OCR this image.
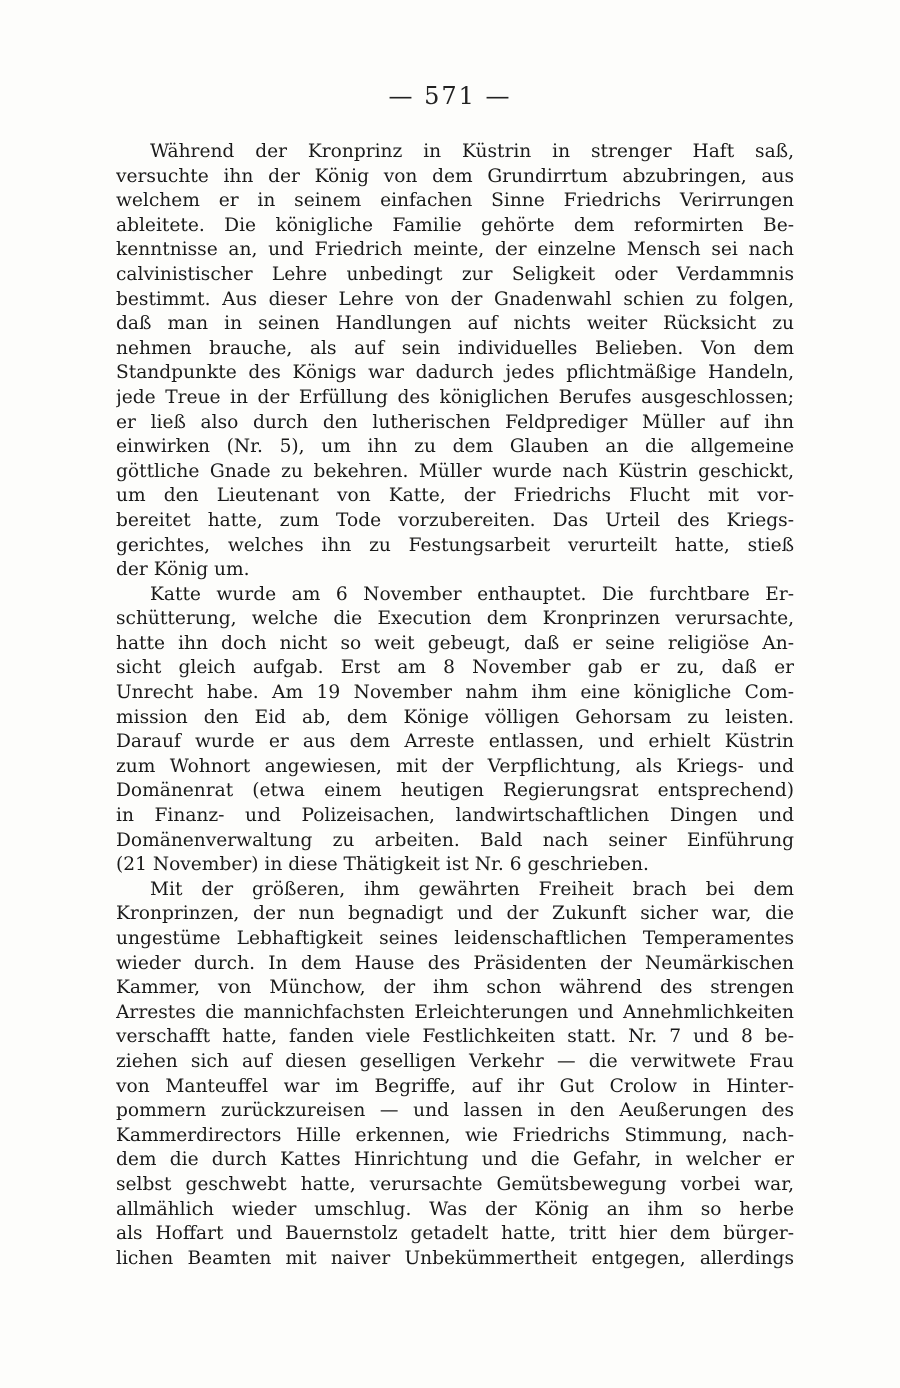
— 571 —
Während der Kronprinz in Küstrin in strenger Haft saß,
versuchte ihn der König von dem Grundirrtum abzubringen, aus
welchem er in seinem einfachen Sinne Friedrichs Verirrungen
ableitete. Die königliche Familie gehörte dem reformirten Be-
kenntnisse an, und Friedrich meinte, der einzelne Mensch sei nach
calvinistischer Lehre unbedingt zur Seligkeit oder Verdammnis
bestimmt. Aus dieser Lehre von der Gnadenwahl schien zu folgen,
daß man in seinen Handlungen auf nichts weiter Rücksicht zu
nehmen brauche, als auf sein individuelles Belieben. Von dem
Standpunkte des Königs war dadurch jedes pflichtmäßige Handeln,
jede Treue in der Erfüllung des königlichen Berufes ausgeschlossen;
er ließ also durch den lutherischen Feldprediger Müller auf ihn
einwirken (Nr. 5), um ihn zu dem Glauben an die allgemeine
göttliche Gnade zu bekehren. Müller wurde nach Küstrin geschickt,
um den Lieutenant von Katte, der Friedrichs Flucht mit vor-
bereitet hatte, zum Tode vorzubereiten. Das Urteil des Kriegs-
gerichtes, welches ihn zu Festungsarbeit verurteilt hatte, stieß
der König um.
Katte wurde am 6 November enthauptet. Die furchtbare Er-
schütterung, welche die Execution dem Kronprinzen verursachte,
hatte ihn doch nicht so weit gebeugt, daß er seine religiöse An-
sicht gleich aufgab. Erst am 8 November gab er zu, daß er
Unrecht habe. Am 19 November nahm ihm eine königliche Com-
mission den Eid ab, dem Könige völligen Gehorsam zu leisten.
Darauf wurde er aus dem Arreste entlassen, und erhielt Küstrin
zum Wohnort angewiesen, mit der Verpflichtung, als Kriegs- und
Domänenrat (etwa einem heutigen Regierungsrat entsprechend)
in Finanz- und Polizeisachen, landwirtschaftlichen Dingen und
Domänenverwaltung zu arbeiten. Bald nach seiner Einführung
(21 November) in diese Thätigkeit ist Nr. 6 geschrieben.
Mit der größeren, ihm gewährten Freiheit brach bei dem
Kronprinzen, der nun begnadigt und der Zukunft sicher war, die
ungestüme Lebhaftigkeit seines leidenschaftlichen Temperamentes
wieder durch. In dem Hause des Präsidenten der Neumärkischen
Kammer, von Münchow, der ihm schon während des strengen
Arrestes die mannichfachsten Erleichterungen und Annehmlichkeiten
verschafft hatte, fanden viele Festlichkeiten statt. Nr. 7 und 8 be-
ziehen sich auf diesen geselligen Verkehr — die verwitwete Frau
von Manteuffel war im Begriffe, auf ihr Gut Crolow in Hinter-
pommern zurückzureisen — und lassen in den Aeußerungen des
Kammerdirectors Hille erkennen, wie Friedrichs Stimmung, nach-
dem die durch Kattes Hinrichtung und die Gefahr, in welcher er
selbst geschwebt hatte, verursachte Gemütsbewegung vorbei war,
allmählich wieder umschlug. Was der König an ihm so herbe
als Hoffart und Bauernstolz getadelt hatte, tritt hier dem bürger-
lichen Beamten mit naiver Unbekümmertheit entgegen, allerdings
